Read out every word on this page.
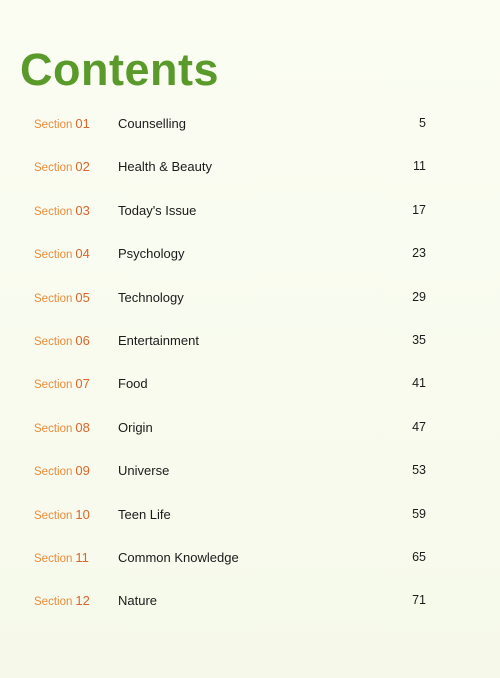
Contents
Section 01 Counselling	5
Section 02 Health & Beauty	11
Section 03 Today's Issue	17
Section 04 Psychology	23
Section 05 Technology	29
Section 06 Entertainment	35
Section 07 Food	41
Section 08 Origin	47
Section 09 Universe	53
Section 10 Teen Life	59
Section 11 Common Knowledge	65
Section 12 Nature	71
